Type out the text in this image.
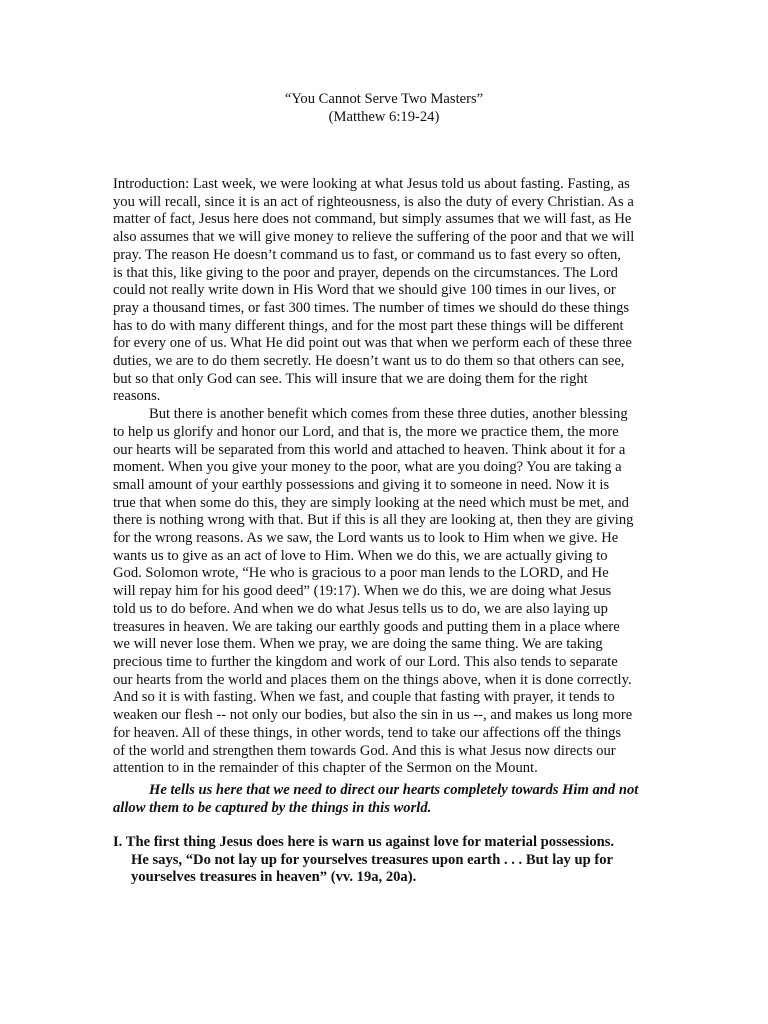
“You Cannot Serve Two Masters”
(Matthew 6:19-24)
Introduction: Last week, we were looking at what Jesus told us about fasting. Fasting, as
you will recall, since it is an act of righteousness, is also the duty of every Christian. As a
matter of fact, Jesus here does not command, but simply assumes that we will fast, as He
also assumes that we will give money to relieve the suffering of the poor and that we will
pray. The reason He doesn’t command us to fast, or command us to fast every so often,
is that this, like giving to the poor and prayer, depends on the circumstances. The Lord
could not really write down in His Word that we should give 100 times in our lives, or
pray a thousand times, or fast 300 times. The number of times we should do these things
has to do with many different things, and for the most part these things will be different
for every one of us. What He did point out was that when we perform each of these three
duties, we are to do them secretly. He doesn’t want us to do them so that others can see,
but so that only God can see. This will insure that we are doing them for the right
reasons.
But there is another benefit which comes from these three duties, another blessing
to help us glorify and honor our Lord, and that is, the more we practice them, the more
our hearts will be separated from this world and attached to heaven. Think about it for a
moment. When you give your money to the poor, what are you doing? You are taking a
small amount of your earthly possessions and giving it to someone in need. Now it is
true that when some do this, they are simply looking at the need which must be met, and
there is nothing wrong with that. But if this is all they are looking at, then they are giving
for the wrong reasons. As we saw, the Lord wants us to look to Him when we give. He
wants us to give as an act of love to Him. When we do this, we are actually giving to
God. Solomon wrote, “He who is gracious to a poor man lends to the LORD, and He
will repay him for his good deed” (19:17). When we do this, we are doing what Jesus
told us to do before. And when we do what Jesus tells us to do, we are also laying up
treasures in heaven. We are taking our earthly goods and putting them in a place where
we will never lose them. When we pray, we are doing the same thing. We are taking
precious time to further the kingdom and work of our Lord. This also tends to separate
our hearts from the world and places them on the things above, when it is done correctly.
And so it is with fasting. When we fast, and couple that fasting with prayer, it tends to
weaken our flesh -- not only our bodies, but also the sin in us --, and makes us long more
for heaven. All of these things, in other words, tend to take our affections off the things
of the world and strengthen them towards God. And this is what Jesus now directs our
attention to in the remainder of this chapter of the Sermon on the Mount.
He tells us here that we need to direct our hearts completely towards Him and not
allow them to be captured by the things in this world.
I. The first thing Jesus does here is warn us against love for material possessions.
He says, “Do not lay up for yourselves treasures upon earth . . . But lay up for
yourselves treasures in heaven” (vv. 19a, 20a).
